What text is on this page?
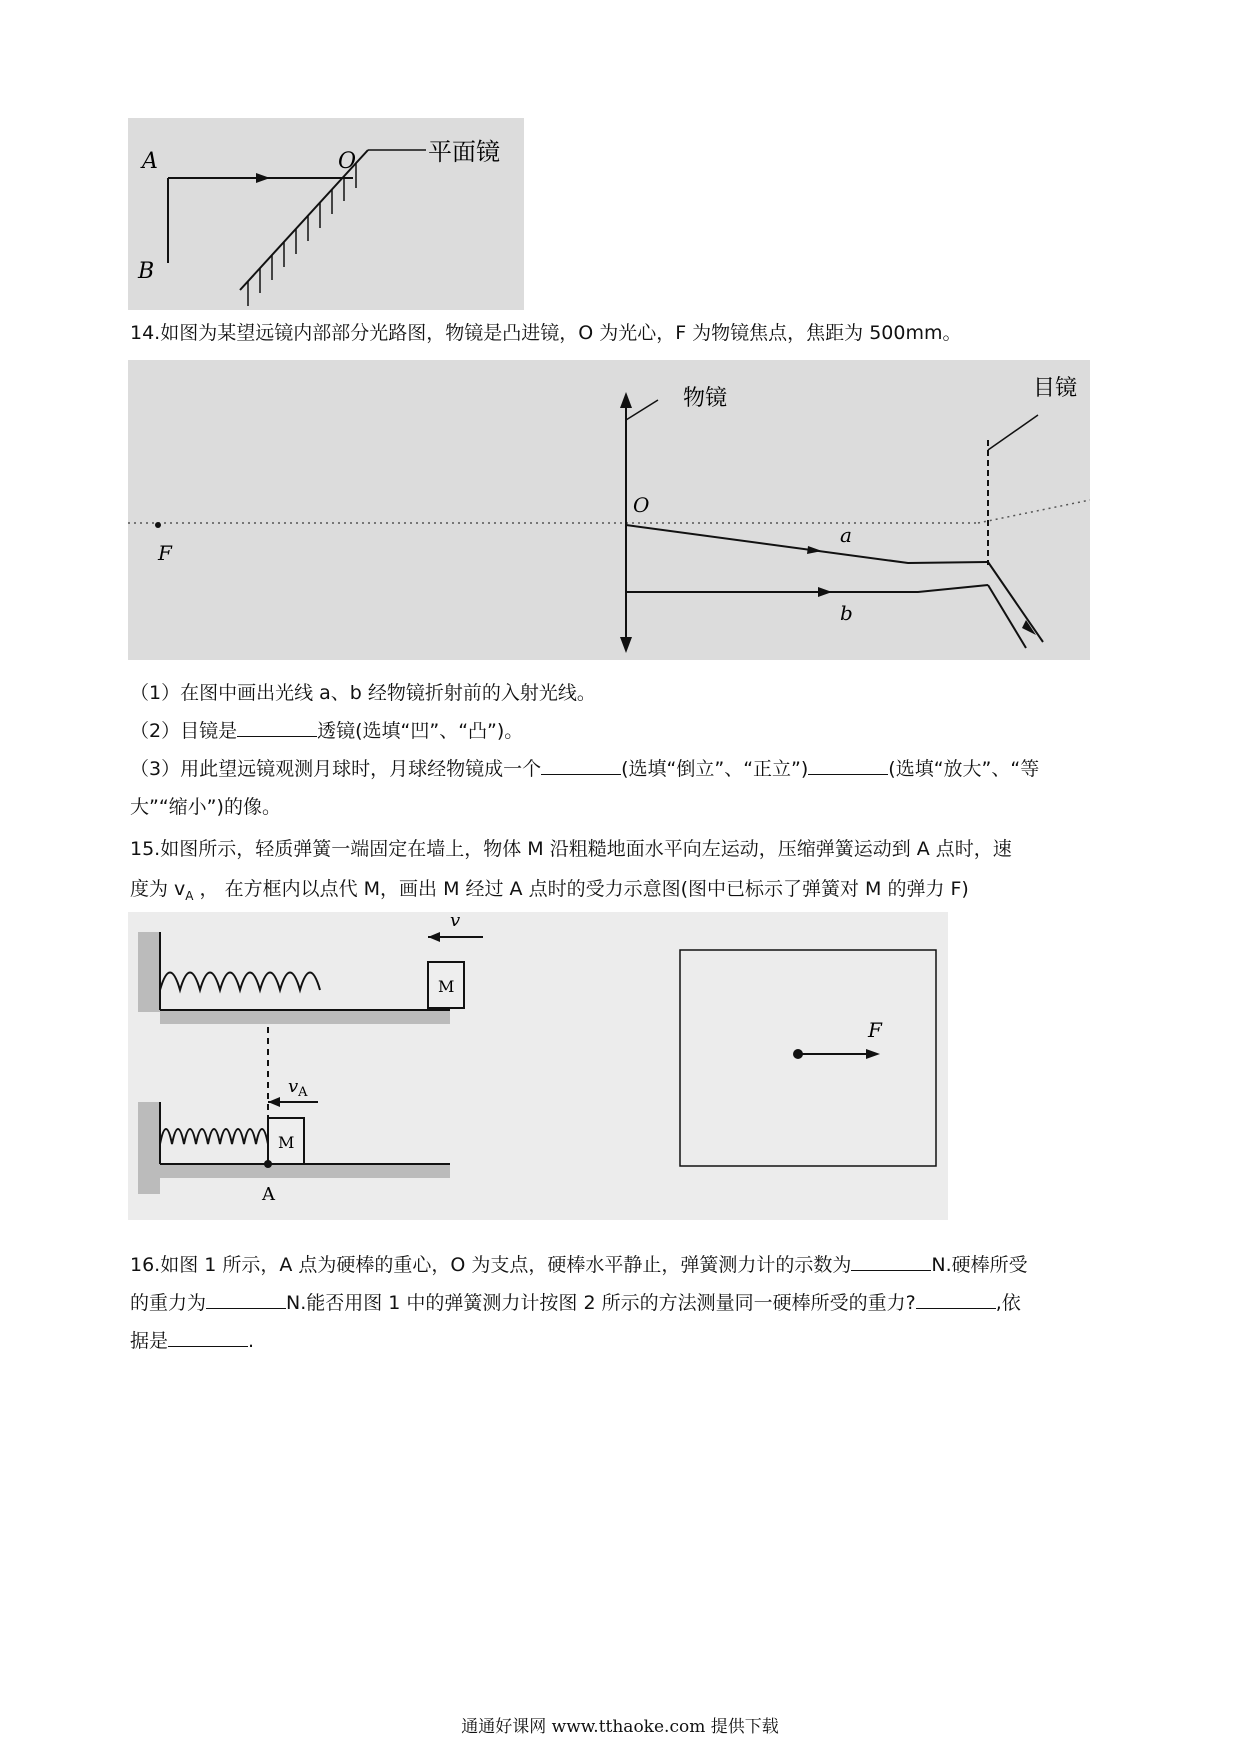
A
B
O	平面镜
14.如图为某望远镜内部部分光路图，物镜是凸进镜，O 为光心，F 为物镜焦点，焦距为 500mm。
物镜	目镜
O
F
a
b
（1）在图中画出光线 a、b 经物镜折射前的入射光线。
（2）目镜是	透镜(选填“凹”、“凸”)。
（3）用此望远镜观测月球时，月球经物镜成一个	(选填“倒立”、“正立”)	(选填“放大”、“等
大”“缩小”)的像。
15.如图所示，轻质弹簧一端固定在墙上，物体 M 沿粗糙地面水平向左运动，压缩弹簧运动到 A 点时，速
度为 $v_A$ ， 在方框内以点代 M，画出 M 经过 A 点时的受力示意图(图中已标示了弹簧对 M 的弹力 F)
M
v
M
$v_A$
A
F
16.如图 1 所示，A 点为硬棒的重心，O 为支点，硬棒水平静止，弹簧测力计的示数为	N.硬棒所受
的重力为	N.能否用图 1 中的弹簧测力计按图 2 所示的方法测量同一硬棒所受的重力?	,依
据是	.
通通好课网 www.tthaoke.com 提供下载
